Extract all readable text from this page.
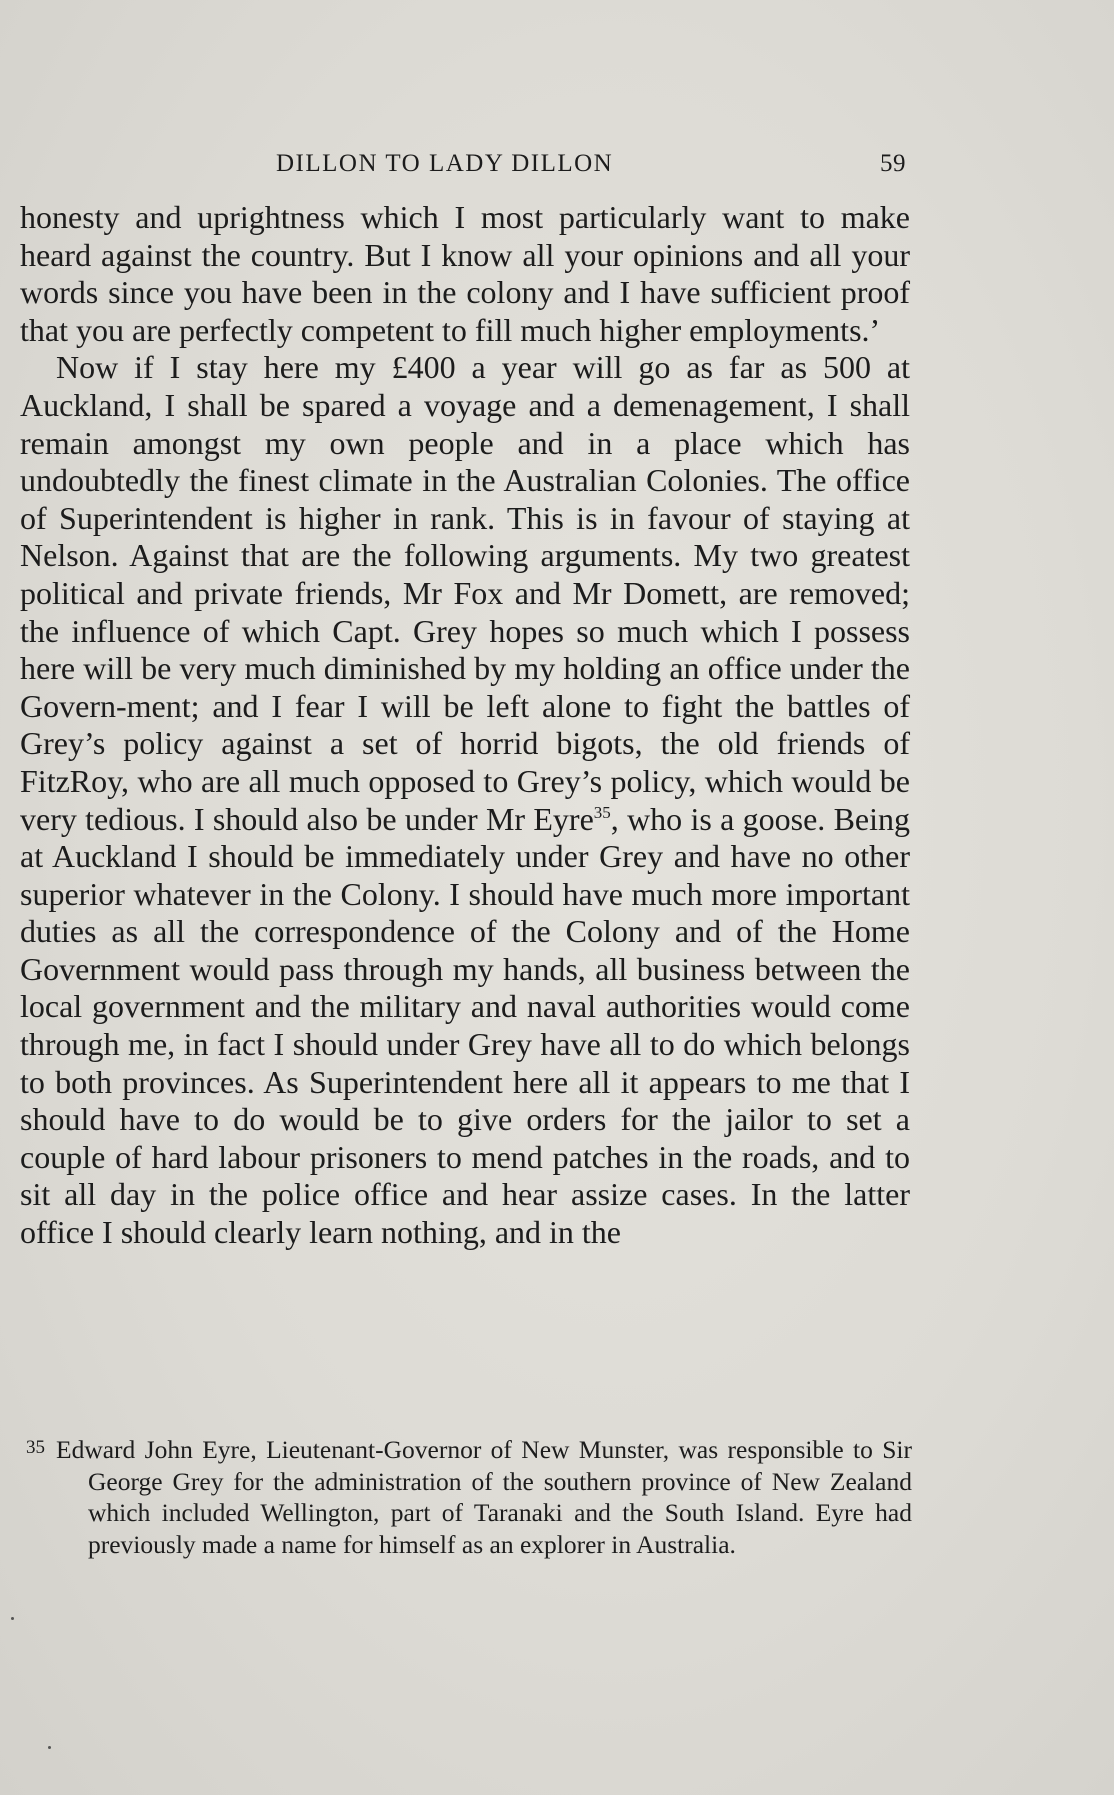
DILLON TO LADY DILLON	59

honesty and uprightness which I most particularly want to make heard against the country. But I know all your opinions and all your words since you have been in the colony and I have sufficient proof that you are perfectly competent to fill much higher employments.’

Now if I stay here my £400 a year will go as far as 500 at Auckland, I shall be spared a voyage and a demenagement, I shall remain amongst my own people and in a place which has undoubtedly the finest climate in the Australian Colonies. The office of Superintendent is higher in rank. This is in favour of staying at Nelson. Against that are the following arguments. My two greatest political and private friends, Mr Fox and Mr Domett, are removed; the influence of which Capt. Grey hopes so much which I possess here will be very much diminished by my holding an office under the Govern-ment; and I fear I will be left alone to fight the battles of Grey’s policy against a set of horrid bigots, the old friends of FitzRoy, who are all much opposed to Grey’s policy, which would be very tedious. I should also be under Mr Eyre$^{35}$, who is a goose. Being at Auckland I should be immediately under Grey and have no other superior whatever in the Colony. I should have much more important duties as all the correspondence of the Colony and of the Home Government would pass through my hands, all business between the local government and the military and naval authorities would come through me, in fact I should under Grey have all to do which belongs to both provinces. As Superintendent here all it appears to me that I should have to do would be to give orders for the jailor to set a couple of hard labour prisoners to mend patches in the roads, and to sit all day in the police office and hear assize cases. In the latter office I should clearly learn nothing, and in the

35 Edward John Eyre, Lieutenant-Governor of New Munster, was responsible to Sir George Grey for the administration of the southern province of New Zealand which included Wellington, part of Taranaki and the South Island. Eyre had previously made a name for himself as an explorer in Australia.
